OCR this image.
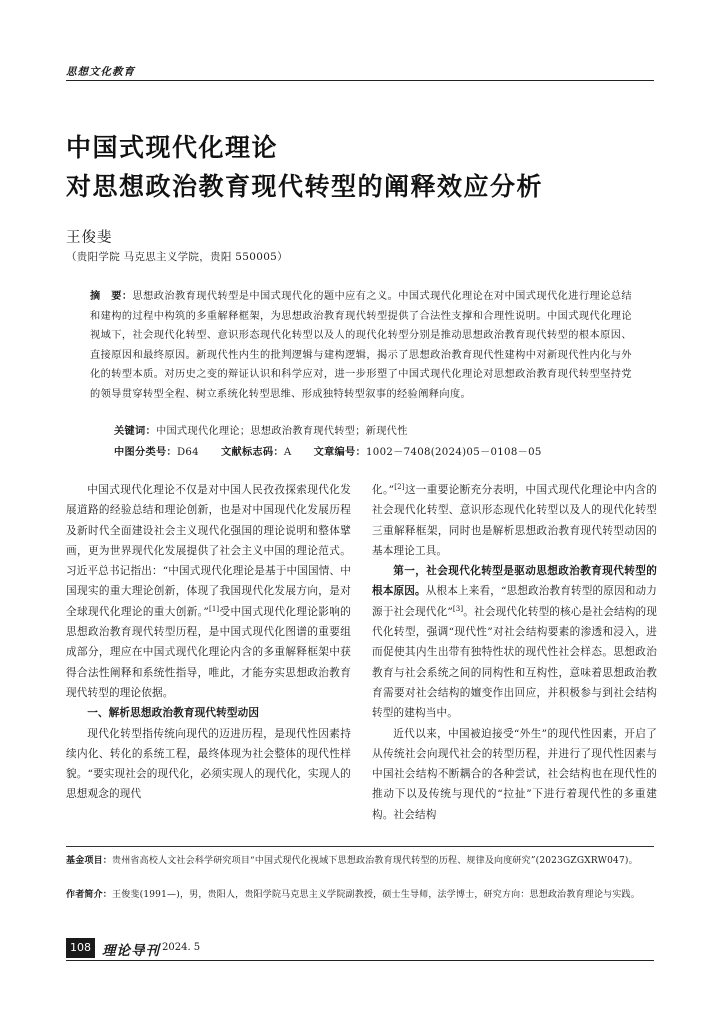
思想文化教育
中国式现代化理论
对思想政治教育现代转型的阐释效应分析
王俊斐
（贵阳学院 马克思主义学院，贵阳 550005）
摘　要：思想政治教育现代转型是中国式现代化的题中应有之义。中国式现代化理论在对中国式现代化进行理论总结和建构的过程中构筑的多重解释框架，为思想政治教育现代转型提供了合法性支撑和合理性说明。中国式现代化理论视域下，社会现代化转型、意识形态现代化转型以及人的现代化转型分别是推动思想政治教育现代转型的根本原因、直接原因和最终原因。新现代性内生的批判逻辑与建构逻辑，揭示了思想政治教育现代性建构中对新现代性内化与外化的转型本质。对历史之变的辩证认识和科学应对，进一步形塑了中国式现代化理论对思想政治教育现代转型坚持党的领导贯穿转型全程、树立系统化转型思维、形成独特转型叙事的经验阐释向度。
关键词：中国式现代化理论；思想政治教育现代转型；新现代性
中图分类号：D64 文献标志码：A 文章编号：1002－7408(2024)05－0108－05

中国式现代化理论不仅是对中国人民孜孜探索现代化发展道路的经验总结和理论创新，也是对中国现代化发展历程及新时代全面建设社会主义现代化强国的理论说明和整体擘画，更为世界现代化发展提供了社会主义中国的理论范式。习近平总书记指出：“中国式现代化理论是基于中国国情、中国现实的重大理论创新，体现了我国现代化发展方向，是对全球现代化理论的重大创新。”[1]受中国式现代化理论影响的思想政治教育现代转型历程，是中国式现代化图谱的重要组成部分，理应在中国式现代化理论内含的多重解释框架中获得合法性阐释和系统性指导，唯此，才能夯实思想政治教育现代转型的理论依据。

一、解析思想政治教育现代转型动因

现代化转型指传统向现代的迈进历程，是现代性因素持续内化、转化的系统工程，最终体现为社会整体的现代性样貌。“要实现社会的现代化，必须实现人的现代化，实现人的思想观念的现代

化。”[2]这一重要论断充分表明，中国式现代化理论中内含的社会现代化转型、意识形态现代化转型以及人的现代化转型三重解释框架，同时也是解析思想政治教育现代转型动因的基本理论工具。

第一，社会现代化转型是驱动思想政治教育现代转型的根本原因。从根本上来看，“思想政治教育转型的原因和动力源于社会现代化”[3]。社会现代化转型的核心是社会结构的现代化转型，强调“现代性”对社会结构要素的渗透和浸入，进而促使其内生出带有独特性状的现代性社会样态。思想政治教育与社会系统之间的同构性和互构性，意味着思想政治教育需要对社会结构的嬗变作出回应，并积极参与到社会结构转型的建构当中。

近代以来，中国被迫接受“外生”的现代性因素，开启了从传统社会向现代社会的转型历程，并进行了现代性因素与中国社会结构不断耦合的各种尝试，社会结构也在现代性的推动下以及传统与现代的“拉扯”下进行着现代性的多重建构。社会结构

基金项目：贵州省高校人文社会科学研究项目“中国式现代化视域下思想政治教育现代转型的历程、规律及向度研究”(2023GZGXRW047)。
作者简介：王俊斐(1991—)，男，贵阳人，贵阳学院马克思主义学院副教授，硕士生导师，法学博士，研究方向：思想政治教育理论与实践。
108 理论导刊 2024. 5
